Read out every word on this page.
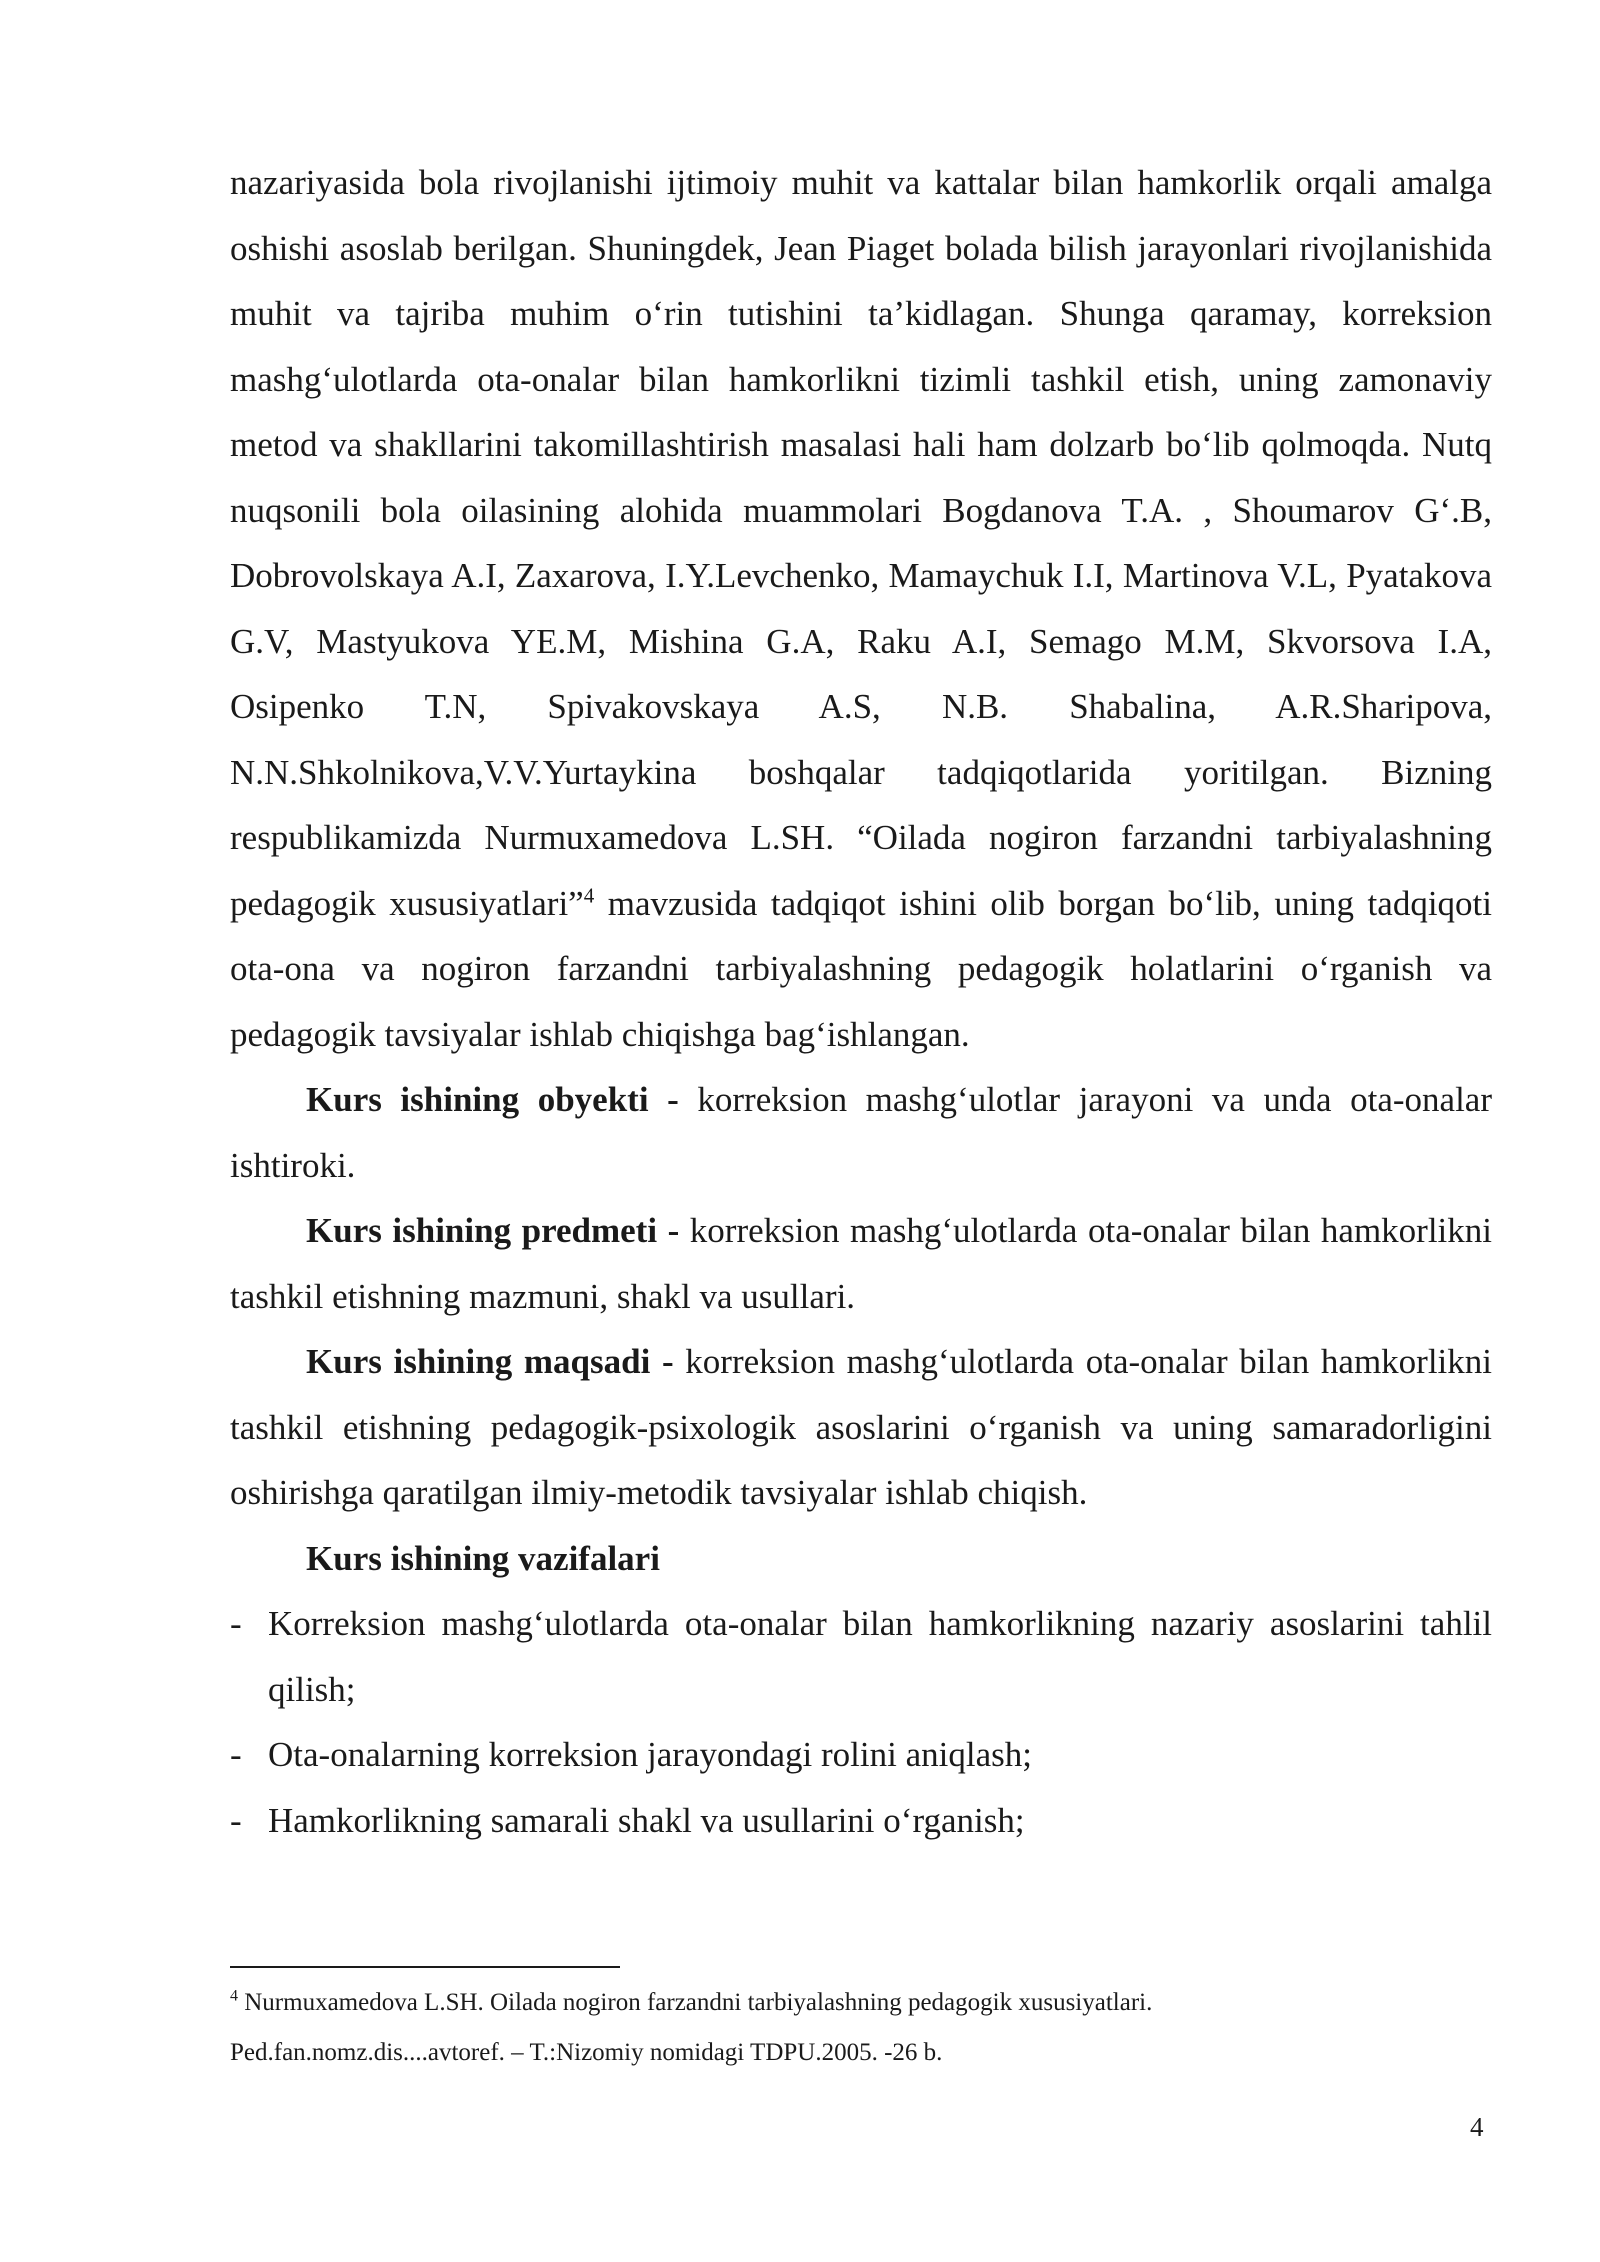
nazariyasida bola rivojlanishi ijtimoiy muhit va kattalar bilan hamkorlik orqali amalga oshishi asoslab berilgan. Shuningdek, Jean Piaget bolada bilish jarayonlari rivojlanishida muhit va tajriba muhim o‘rin tutishini ta’kidlagan. Shunga qaramay, korreksion mashg‘ulotlarda ota-onalar bilan hamkorlikni tizimli tashkil etish, uning zamonaviy metod va shakllarini takomillashtirish masalasi hali ham dolzarb bo‘lib qolmoqda. Nutq nuqsonili bola oilasining alohida muammolari Bogdanova T.A. , Shoumarov G‘.B, Dobrovolskaya A.I, Zaxarova, I.Y.Levchenko, Mamaychuk I.I, Martinova V.L, Pyatakova G.V, Mastyukova YE.M, Mishina G.A, Raku A.I, Semago M.M, Skvorsova I.A, Osipenko T.N, Spivakovskaya A.S, N.B. Shabalina, A.R.Sharipova, N.N.Shkolnikova,V.V.Yurtaykina boshqalar tadqiqotlarida yoritilgan. Bizning respublikamizda Nurmuxamedova L.SH. “Oilada nogiron farzandni tarbiyalashning pedagogik xususiyatlari”$^4$ mavzusida tadqiqot ishini olib borgan bo‘lib, uning tadqiqoti ota-ona va nogiron farzandni tarbiyalashning pedagogik holatlarini o‘rganish va pedagogik tavsiyalar ishlab chiqishga bag‘ishlangan.

Kurs ishining obyekti - korreksion mashg‘ulotlar jarayoni va unda ota-onalar ishtiroki.

Kurs ishining predmeti - korreksion mashg‘ulotlarda ota-onalar bilan hamkorlikni tashkil etishning mazmuni, shakl va usullari.

Kurs ishining maqsadi - korreksion mashg‘ulotlarda ota-onalar bilan hamkorlikni tashkil etishning pedagogik-psixologik asoslarini o‘rganish va uning samaradorligini oshirishga qaratilgan ilmiy-metodik tavsiyalar ishlab chiqish.

Kurs ishining vazifalari

- Korreksion mashg‘ulotlarda ota-onalar bilan hamkorlikning nazariy asoslarini tahlil qilish;
- Ota-onalarning korreksion jarayondagi rolini aniqlash;
- Hamkorlikning samarali shakl va usullarini o‘rganish;
$^4$ Nurmuxamedova L.SH. Oilada nogiron farzandni tarbiyalashning pedagogik xususiyatlari.
Ped.fan.nomz.dis....avtoref. – T.:Nizomiy nomidagi TDPU.2005. -26 b.
4
